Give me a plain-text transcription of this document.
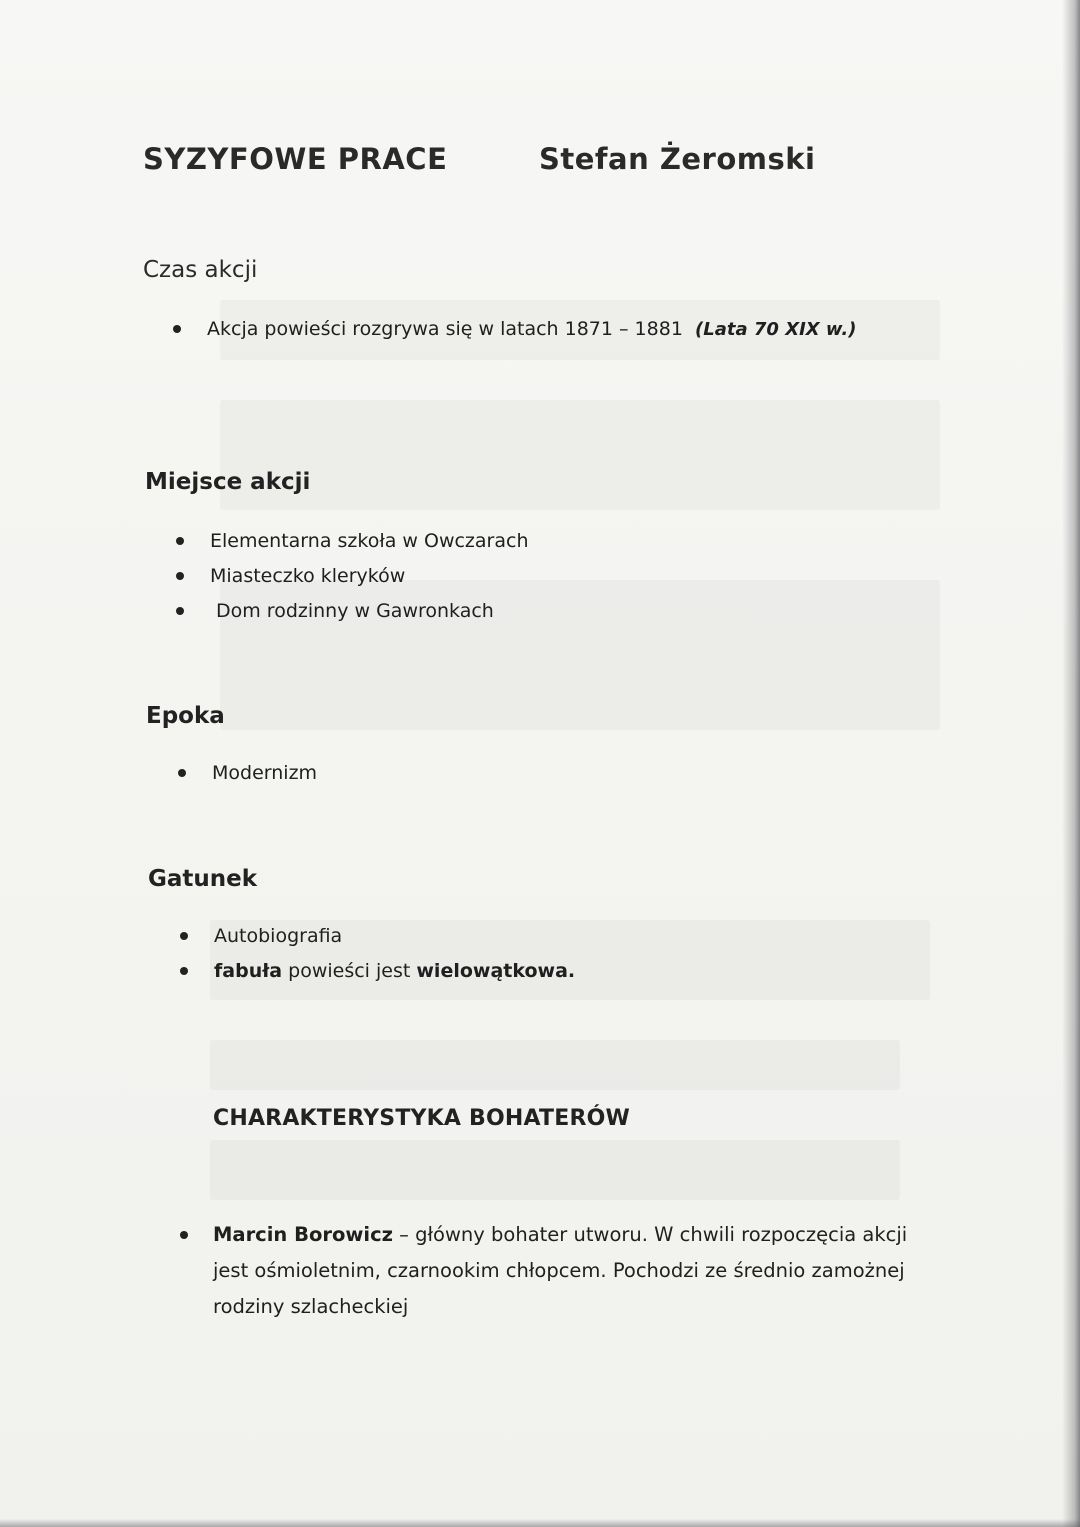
SYZYFOWE PRACE	Stefan Żeromski
Czas akcji
Akcja powieści rozgrywa się w latach 1871 – 1881 (Lata 70 XIX w.)
Miejsce akcji
Elementarna szkoła w Owczarach
Miasteczko kleryków
Dom rodzinny w Gawronkach
Epoka
Modernizm
Gatunek
Autobiografia
fabuła powieści jest wielowątkowa.
CHARAKTERYSTYKA BOHATERÓW
Marcin Borowicz – główny bohater utworu. W chwili rozpoczęcia akcji jest ośmioletnim, czarnookim chłopcem. Pochodzi ze średnio zamożnej rodziny szlacheckiej
